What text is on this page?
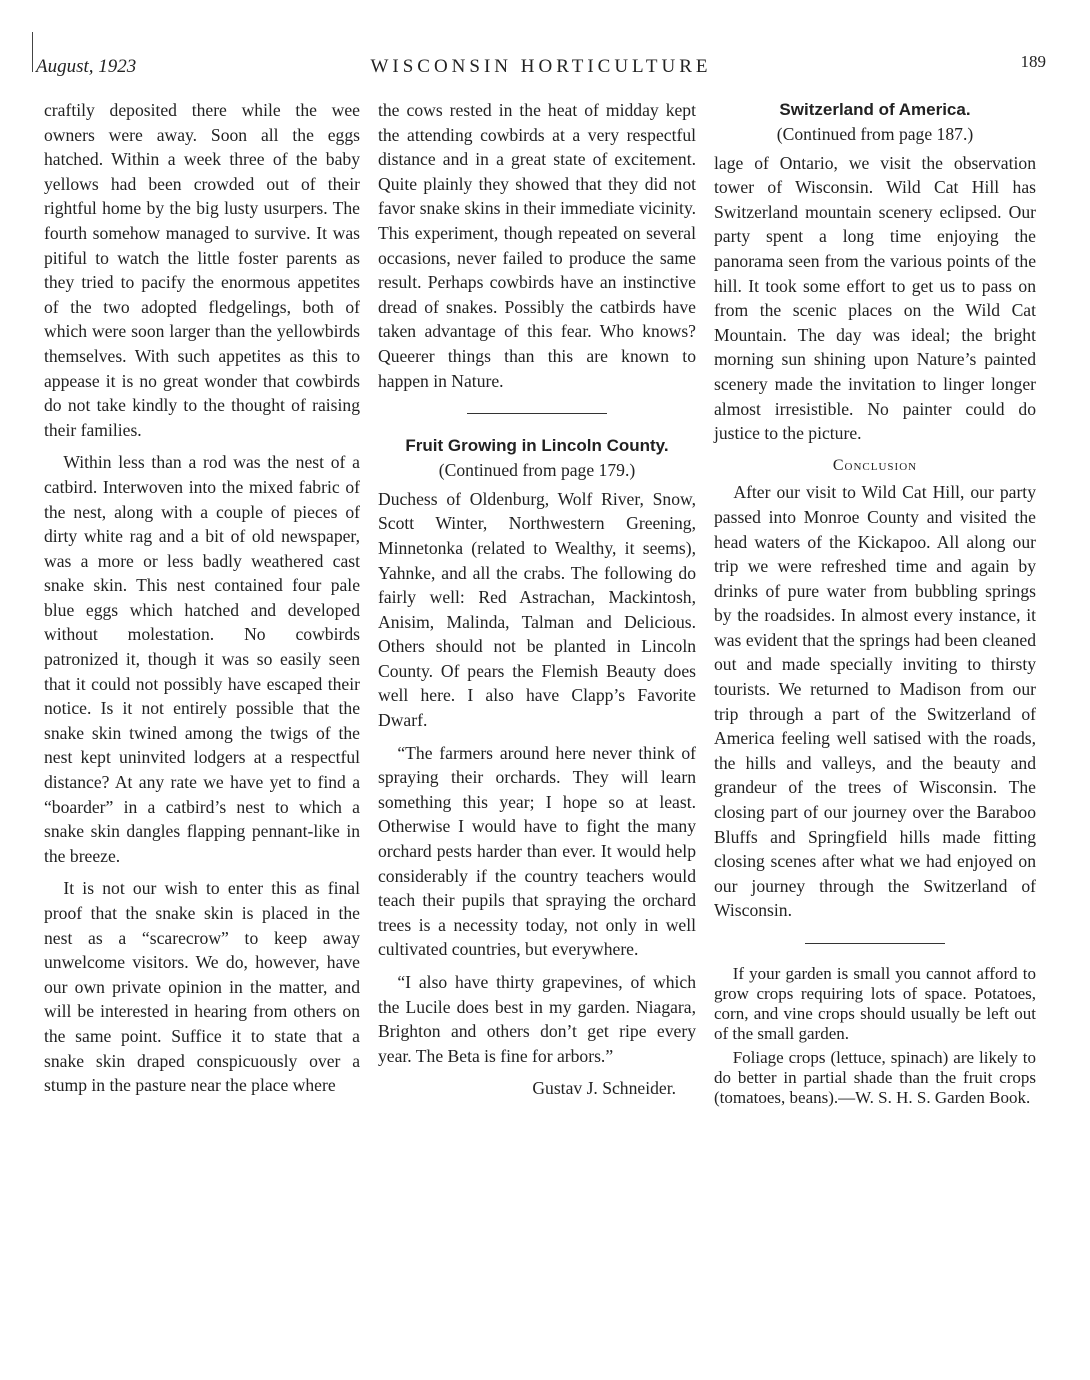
August, 1923	WISCONSIN HORTICULTURE	189

craftily deposited there while the wee owners were away. Soon all the eggs hatched. Within a week three of the baby yellows had been crowded out of their rightful home by the big lusty usurpers. The fourth somehow managed to survive. It was pitiful to watch the little foster parents as they tried to pacify the enormous appetites of the two adopted fledgelings, both of which were soon larger than the yellowbirds themselves. With such appetites as this to appease it is no great wonder that cowbirds do not take kindly to the thought of raising their families.

Within less than a rod was the nest of a catbird. Interwoven into the mixed fabric of the nest, along with a couple of pieces of dirty white rag and a bit of old newspaper, was a more or less badly weathered cast snake skin. This nest contained four pale blue eggs which hatched and developed without molestation. No cowbirds patronized it, though it was so easily seen that it could not possibly have escaped their notice. Is it not entirely possible that the snake skin twined among the twigs of the nest kept uninvited lodgers at a respectful distance? At any rate we have yet to find a “boarder” in a catbird’s nest to which a snake skin dangles flapping pennant-like in the breeze.

It is not our wish to enter this as final proof that the snake skin is placed in the nest as a “scarecrow” to keep away unwelcome visitors. We do, however, have our own private opinion in the matter, and will be interested in hearing from others on the same point. Suffice it to state that a snake skin draped conspicuously over a stump in the pasture near the place where

the cows rested in the heat of midday kept the attending cowbirds at a very respectful distance and in a great state of excitement. Quite plainly they showed that they did not favor snake skins in their immediate vicinity. This experiment, though repeated on several occasions, never failed to produce the same result. Perhaps cowbirds have an instinctive dread of snakes. Possibly the catbirds have taken advantage of this fear. Who knows? Queerer things than this are known to happen in Nature.

Fruit Growing in Lincoln County.
(Continued from page 179.)

Duchess of Oldenburg, Wolf River, Snow, Scott Winter, Northwestern Greening, Minnetonka (related to Wealthy, it seems), Yahnke, and all the crabs. The following do fairly well: Red Astrachan, Mackintosh, Anisim, Malinda, Talman and Delicious. Others should not be planted in Lincoln County. Of pears the Flemish Beauty does well here. I also have Clapp’s Favorite Dwarf.

“The farmers around here never think of spraying their orchards. They will learn something this year; I hope so at least. Otherwise I would have to fight the many orchard pests harder than ever. It would help considerably if the country teachers would teach their pupils that spraying the orchard trees is a necessity today, not only in well cultivated countries, but everywhere.

“I also have thirty grapevines, of which the Lucile does best in my garden. Niagara, Brighton and others don’t get ripe every year. The Beta is fine for arbors.”

Gustav J. Schneider.
Switzerland of America.
(Continued from page 187.)

lage of Ontario, we visit the observation tower of Wisconsin. Wild Cat Hill has Switzerland mountain scenery eclipsed. Our party spent a long time enjoying the panorama seen from the various points of the hill. It took some effort to get us to pass on from the scenic places on the Wild Cat Mountain. The day was ideal; the bright morning sun shining upon Nature’s painted scenery made the invitation to linger longer almost irresistible. No painter could do justice to the picture.

Conclusion

After our visit to Wild Cat Hill, our party passed into Monroe County and visited the head waters of the Kickapoo. All along our trip we were refreshed time and again by drinks of pure water from bubbling springs by the roadsides. In almost every instance, it was evident that the springs had been cleaned out and made specially inviting to thirsty tourists. We returned to Madison from our trip through a part of the Switzerland of America feeling well satised with the roads, the hills and valleys, and the beauty and grandeur of the trees of Wisconsin. The closing part of our journey over the Baraboo Bluffs and Springfield hills made fitting closing scenes after what we had enjoyed on our journey through the Switzerland of Wisconsin.

If your garden is small you cannot afford to grow crops requiring lots of space. Potatoes, corn, and vine crops should usually be left out of the small garden.

Foliage crops (lettuce, spinach) are likely to do better in partial shade than the fruit crops (tomatoes, beans).—W. S. H. S. Garden Book.
